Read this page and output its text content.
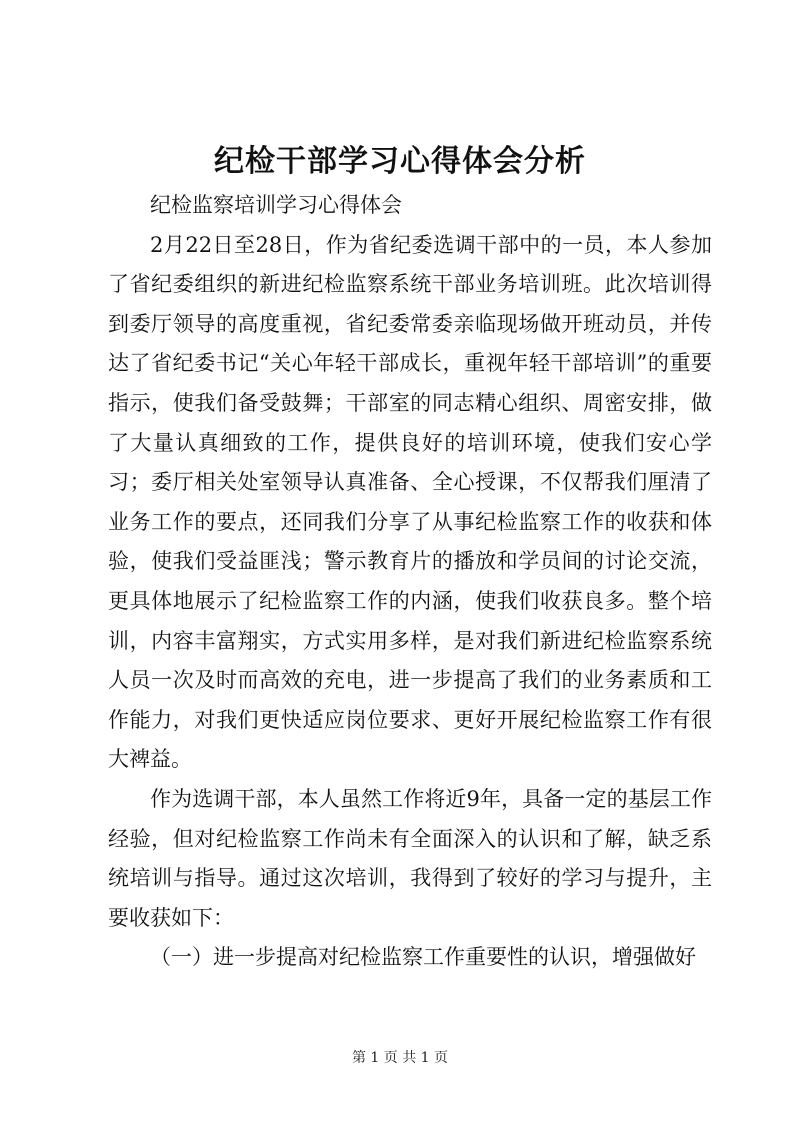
纪检干部学习心得体会分析

纪检监察培训学习心得体会

2月22日至28日，作为省纪委选调干部中的一员，本人参加了省纪委组织的新进纪检监察系统干部业务培训班。此次培训得到委厅领导的高度重视，省纪委常委亲临现场做开班动员，并传达了省纪委书记“关心年轻干部成长，重视年轻干部培训”的重要指示，使我们备受鼓舞；干部室的同志精心组织、周密安排，做了大量认真细致的工作，提供良好的培训环境，使我们安心学习；委厅相关处室领导认真准备、全心授课，不仅帮我们厘清了业务工作的要点，还同我们分享了从事纪检监察工作的收获和体验，使我们受益匪浅；警示教育片的播放和学员间的讨论交流，更具体地展示了纪检监察工作的内涵，使我们收获良多。整个培训，内容丰富翔实，方式实用多样，是对我们新进纪检监察系统人员一次及时而高效的充电，进一步提高了我们的业务素质和工作能力，对我们更快适应岗位要求、更好开展纪检监察工作有很大裨益。

作为选调干部，本人虽然工作将近9年，具备一定的基层工作经验，但对纪检监察工作尚未有全面深入的认识和了解，缺乏系统培训与指导。通过这次培训，我得到了较好的学习与提升，主要收获如下：

（一）进一步提高对纪检监察工作重要性的认识，增强做好

第 1 页 共 1 页
